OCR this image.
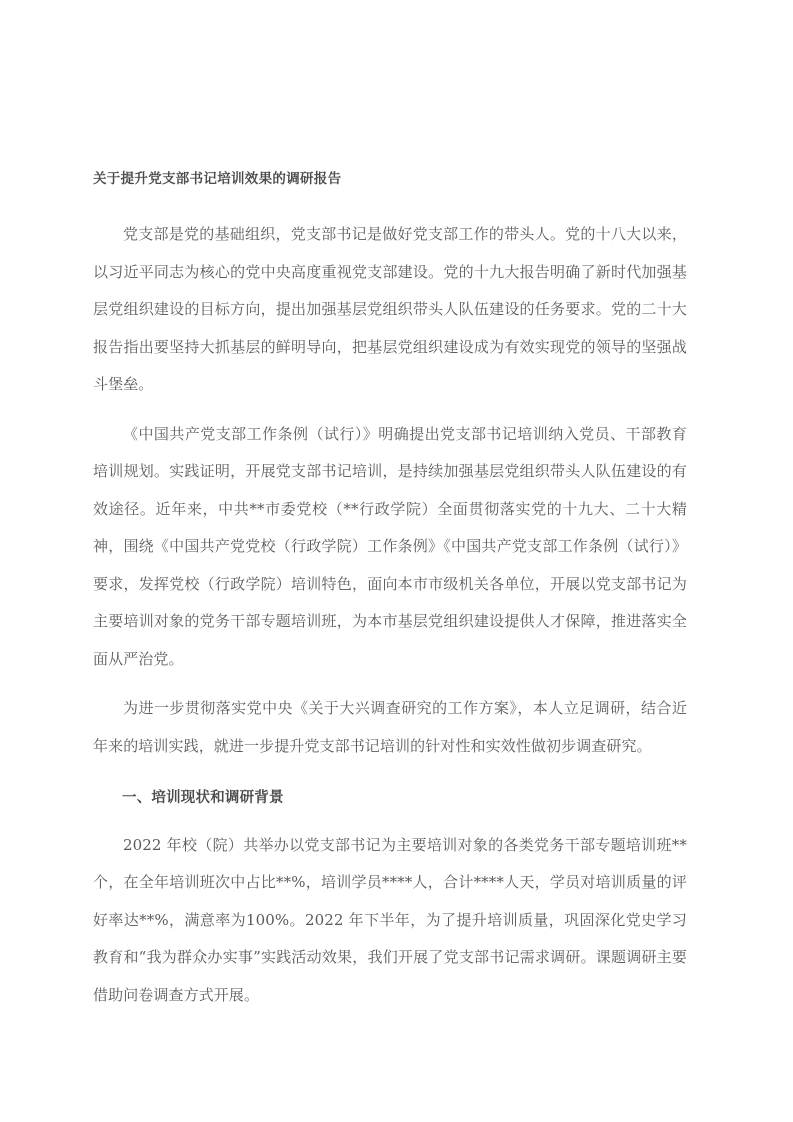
关于提升党支部书记培训效果的调研报告

党支部是党的基础组织，党支部书记是做好党支部工作的带头人。党的十八大以来，以习近平同志为核心的党中央高度重视党支部建设。党的十九大报告明确了新时代加强基层党组织建设的目标方向，提出加强基层党组织带头人队伍建设的任务要求。党的二十大报告指出要坚持大抓基层的鲜明导向，把基层党组织建设成为有效实现党的领导的坚强战斗堡垒。

《中国共产党支部工作条例（试行）》明确提出党支部书记培训纳入党员、干部教育培训规划。实践证明，开展党支部书记培训，是持续加强基层党组织带头人队伍建设的有效途径。近年来，中共**市委党校（**行政学院）全面贯彻落实党的十九大、二十大精神，围绕《中国共产党党校（行政学院）工作条例》《中国共产党支部工作条例（试行）》要求，发挥党校（行政学院）培训特色，面向本市市级机关各单位，开展以党支部书记为主要培训对象的党务干部专题培训班，为本市基层党组织建设提供人才保障，推进落实全面从严治党。

为进一步贯彻落实党中央《关于大兴调查研究的工作方案》，本人立足调研，结合近年来的培训实践，就进一步提升党支部书记培训的针对性和实效性做初步调查研究。

一、培训现状和调研背景

2022 年校（院）共举办以党支部书记为主要培训对象的各类党务干部专题培训班**个，在全年培训班次中占比**%，培训学员****人，合计****人天，学员对培训质量的评好率达**%，满意率为100%。2022 年下半年，为了提升培训质量，巩固深化党史学习教育和“我为群众办实事”实践活动效果，我们开展了党支部书记需求调研。课题调研主要借助问卷调查方式开展。
